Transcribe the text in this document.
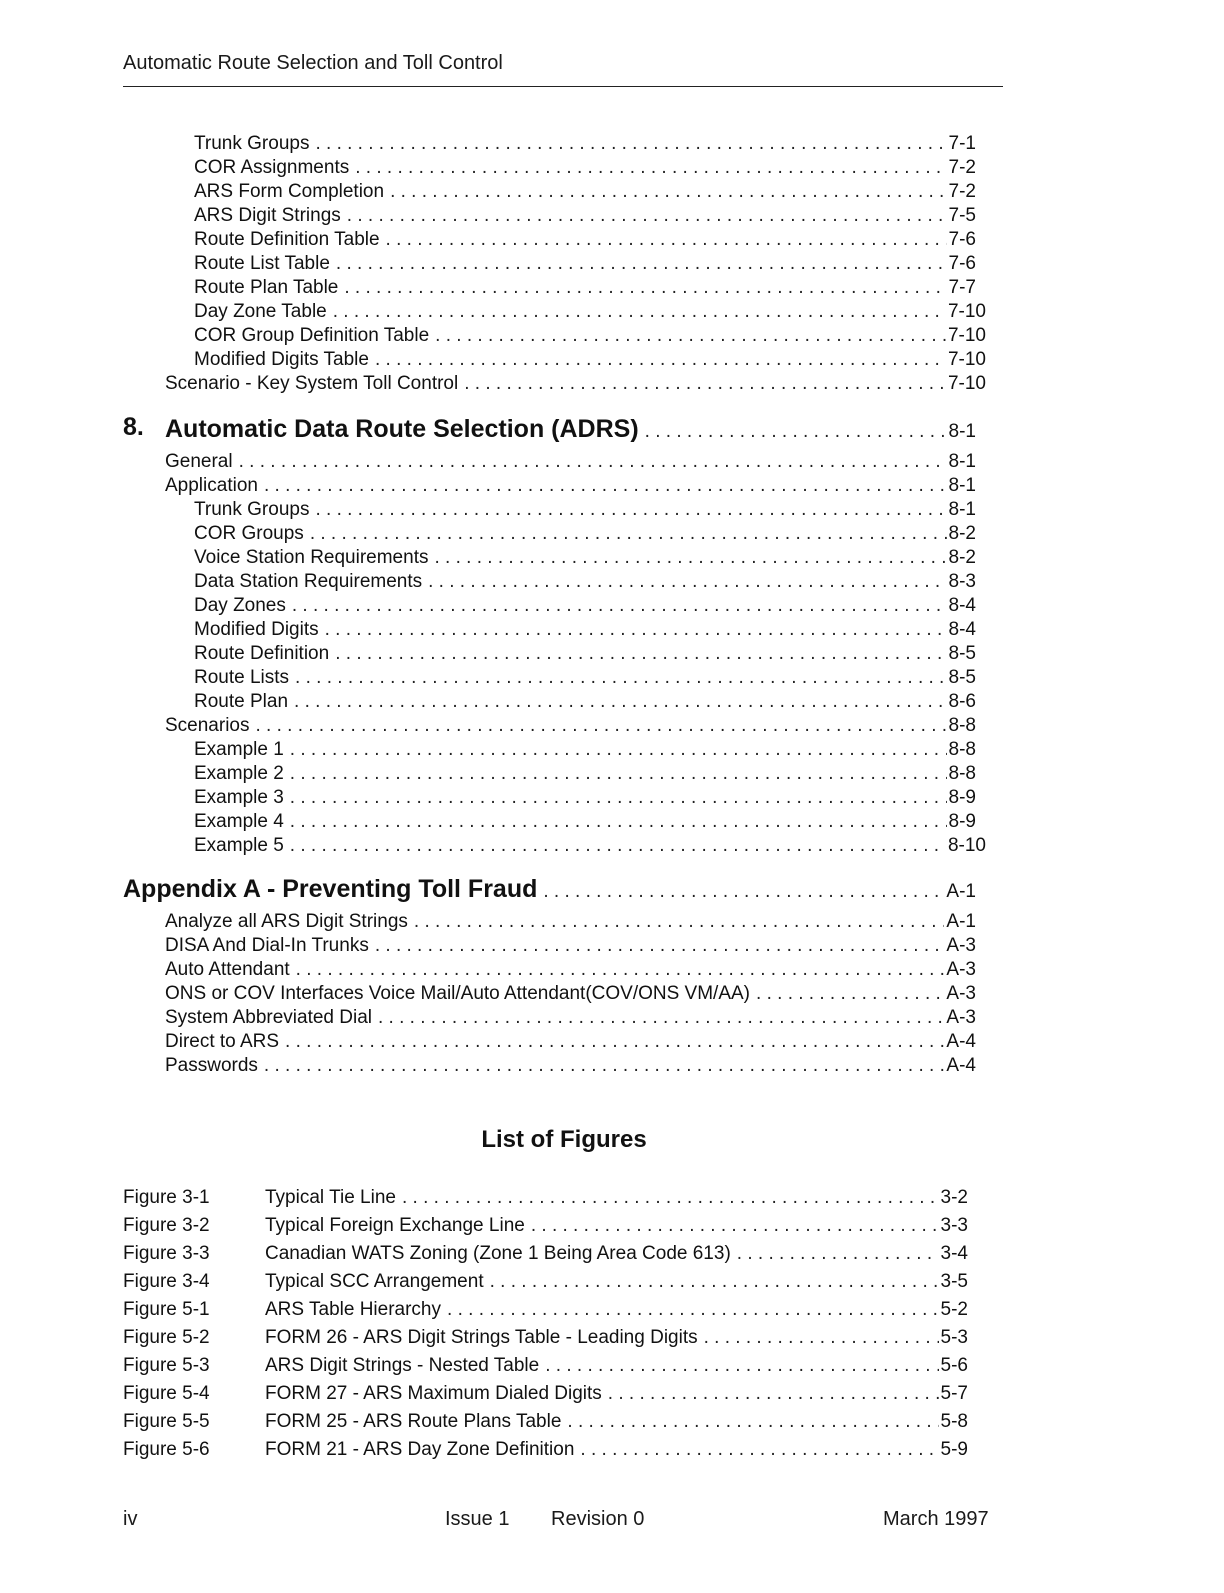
Automatic Route Selection and Toll Control
Trunk Groups . . .	7-1
COR Assignments . . .	7-2
ARS Form Completion . . .	7-2
ARS Digit Strings . . .	7-5
Route Definition Table . . .	7-6
Route List Table . . .	7-6
Route Plan Table . . .	7-7
Day Zone Table . . .	7-10
COR Group Definition Table . . .	7-10
Modified Digits Table . . .	7-10
Scenario - Key System Toll Control . . .	7-10
8. Automatic Data Route Selection (ADRS) . . .	8-1
General . . .	8-1
Application . . .	8-1
Trunk Groups . . .	8-1
COR Groups . . .	8-2
Voice Station Requirements . . .	8-2
Data Station Requirements . . .	8-3
Day Zones . . .	8-4
Modified Digits . . .	8-4
Route Definition . . .	8-5
Route Lists . . .	8-5
Route Plan . . .	8-6
Scenarios . . .	8-8
Example 1 . . .	8-8
Example 2 . . .	8-8
Example 3 . . .	8-9
Example 4 . . .	8-9
Example 5 . . .	8-10
Appendix A - Preventing Toll Fraud . . .	A-1
Analyze all ARS Digit Strings . . .	A-1
DISA And Dial-In Trunks . . .	A-3
Auto Attendant . . .	A-3
ONS or COV Interfaces Voice Mail/Auto Attendant(COV/ONS VM/AA) . . .	A-3
System Abbreviated Dial . . .	A-3
Direct to ARS . . .	A-4
Passwords . . .	A-4
List of Figures
Figure 3-1	Typical Tie Line . . .	3-2
Figure 3-2	Typical Foreign Exchange Line . . .	3-3
Figure 3-3	Canadian WATS Zoning (Zone 1 Being Area Code 613) . . .	3-4
Figure 3-4	Typical SCC Arrangement . . .	3-5
Figure 5-1	ARS Table Hierarchy . . .	5-2
Figure 5-2	FORM 26 - ARS Digit Strings Table - Leading Digits . . .	5-3
Figure 5-3	ARS Digit Strings - Nested Table . . .	5-6
Figure 5-4	FORM 27 - ARS Maximum Dialed Digits . . .	5-7
Figure 5-5	FORM 25 - ARS Route Plans Table . . .	5-8
Figure 5-6	FORM 21 - ARS Day Zone Definition . . .	5-9
iv	Issue 1 Revision 0	March 1997
